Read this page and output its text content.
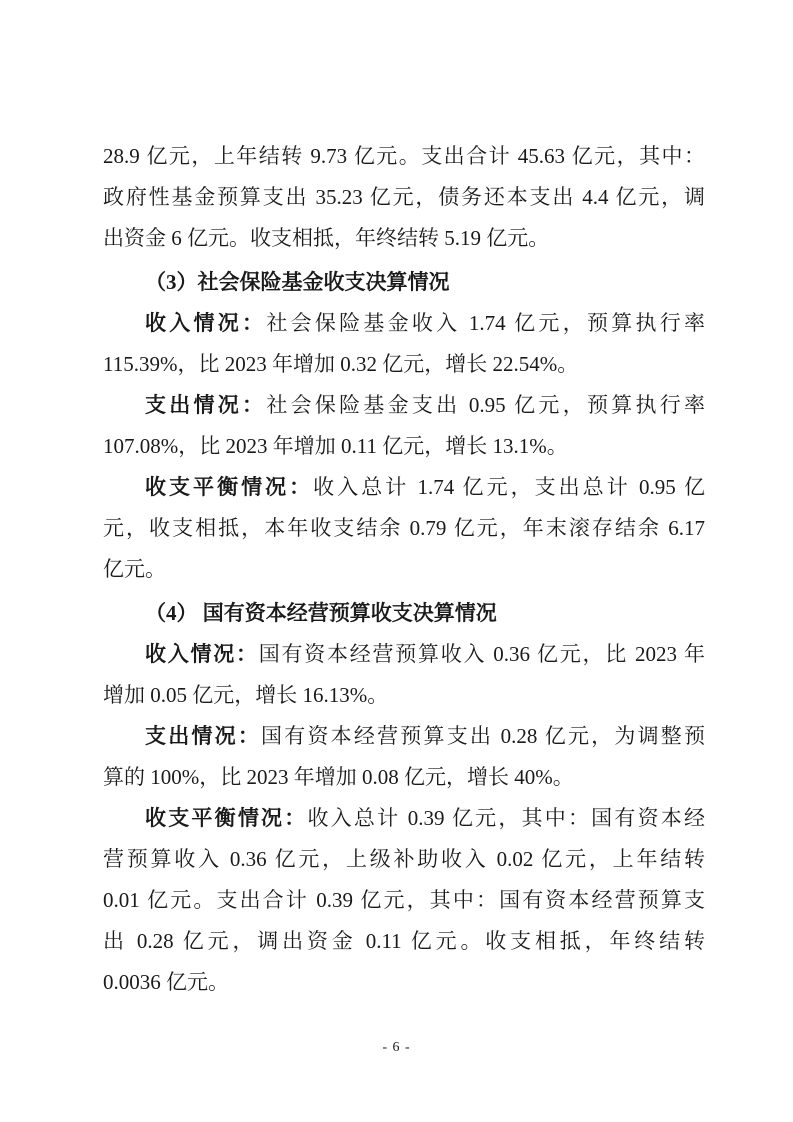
28.9 亿元，上年结转 9.73 亿元。支出合计 45.63 亿元，其中：
政府性基金预算支出 35.23 亿元，债务还本支出 4.4 亿元，调
出资金 6 亿元。收支相抵，年终结转 5.19 亿元。
（3）社会保险基金收支决算情况
收入情况：社会保险基金收入 1.74 亿元，预算执行率
115.39%，比 2023 年增加 0.32 亿元，增长 22.54%。
支出情况：社会保险基金支出 0.95 亿元，预算执行率
107.08%，比 2023 年增加 0.11 亿元，增长 13.1%。
收支平衡情况：收入总计 1.74 亿元，支出总计 0.95 亿
元，收支相抵，本年收支结余 0.79 亿元，年末滚存结余 6.17
亿元。
（4） 国有资本经营预算收支决算情况
收入情况：国有资本经营预算收入 0.36 亿元，比 2023 年
增加 0.05 亿元，增长 16.13%。
支出情况：国有资本经营预算支出 0.28 亿元，为调整预
算的 100%，比 2023 年增加 0.08 亿元，增长 40%。
收支平衡情况：收入总计 0.39 亿元，其中：国有资本经
营预算收入 0.36 亿元，上级补助收入 0.02 亿元，上年结转
0.01 亿元。支出合计 0.39 亿元，其中：国有资本经营预算支
出 0.28 亿元，调出资金 0.11 亿元。收支相抵，年终结转
0.0036 亿元。
- 6 -
